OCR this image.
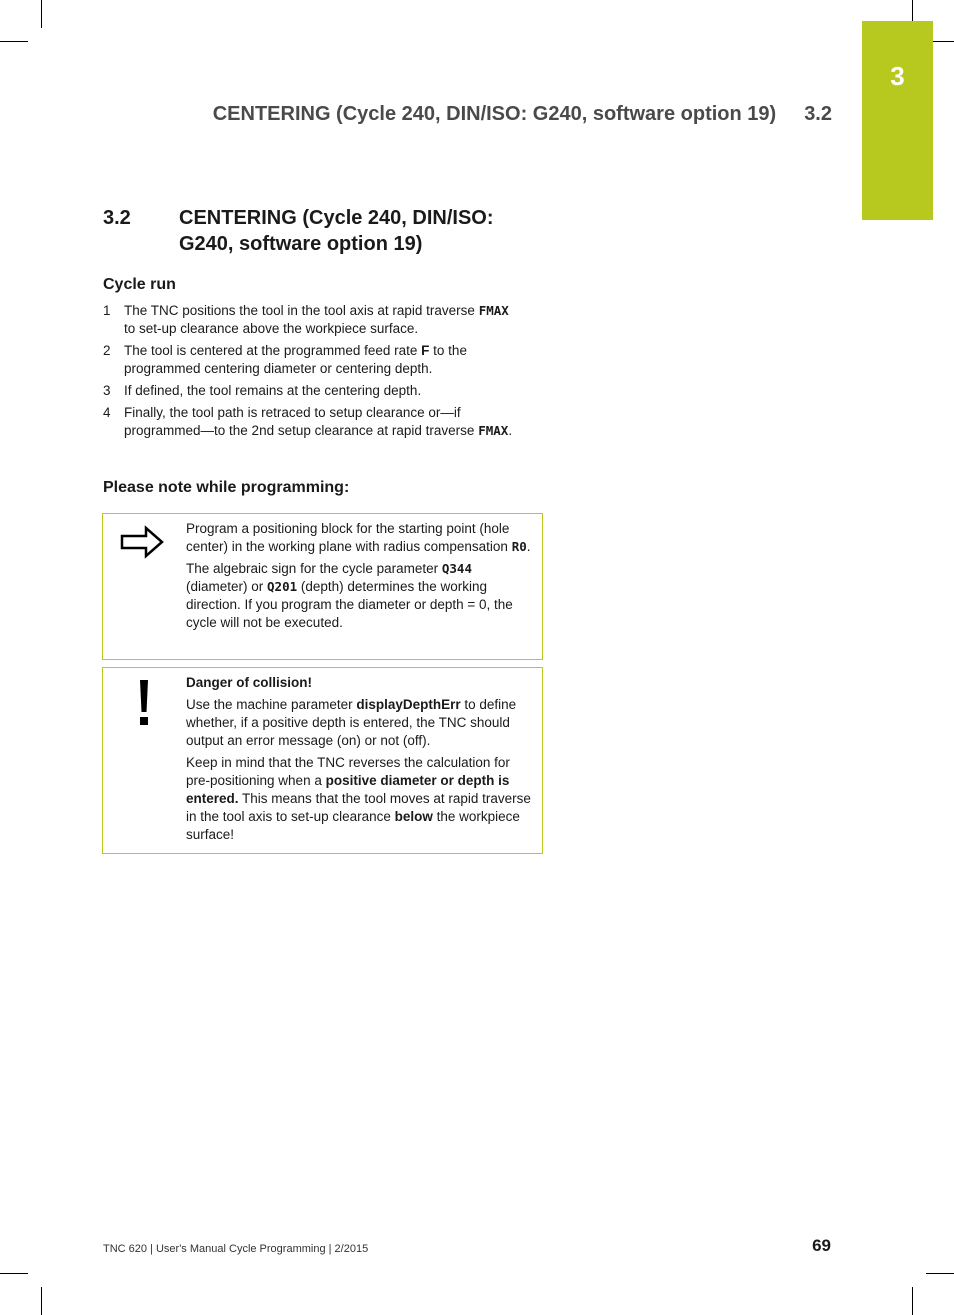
3
CENTERING (Cycle 240, DIN/ISO: G240, software option 19) 3.2
3.2 CENTERING (Cycle 240, DIN/ISO: G240, software option 19)
Cycle run
1 The TNC positions the tool in the tool axis at rapid traverse FMAX to set-up clearance above the workpiece surface.
2 The tool is centered at the programmed feed rate F to the programmed centering diameter or centering depth.
3 If defined, the tool remains at the centering depth.
4 Finally, the tool path is retraced to setup clearance or—if programmed—to the 2nd setup clearance at rapid traverse FMAX.
Please note while programming:

Program a positioning block for the starting point (hole center) in the working plane with radius compensation R0.

The algebraic sign for the cycle parameter Q344 (diameter) or Q201 (depth) determines the working direction. If you program the diameter or depth = 0, the cycle will not be executed.

Danger of collision!

Use the machine parameter displayDepthErr to define whether, if a positive depth is entered, the TNC should output an error message (on) or not (off).

Keep in mind that the TNC reverses the calculation for pre-positioning when a positive diameter or depth is entered. This means that the tool moves at rapid traverse in the tool axis to set-up clearance below the workpiece surface!

TNC 620 | User's Manual Cycle Programming | 2/2015	69
